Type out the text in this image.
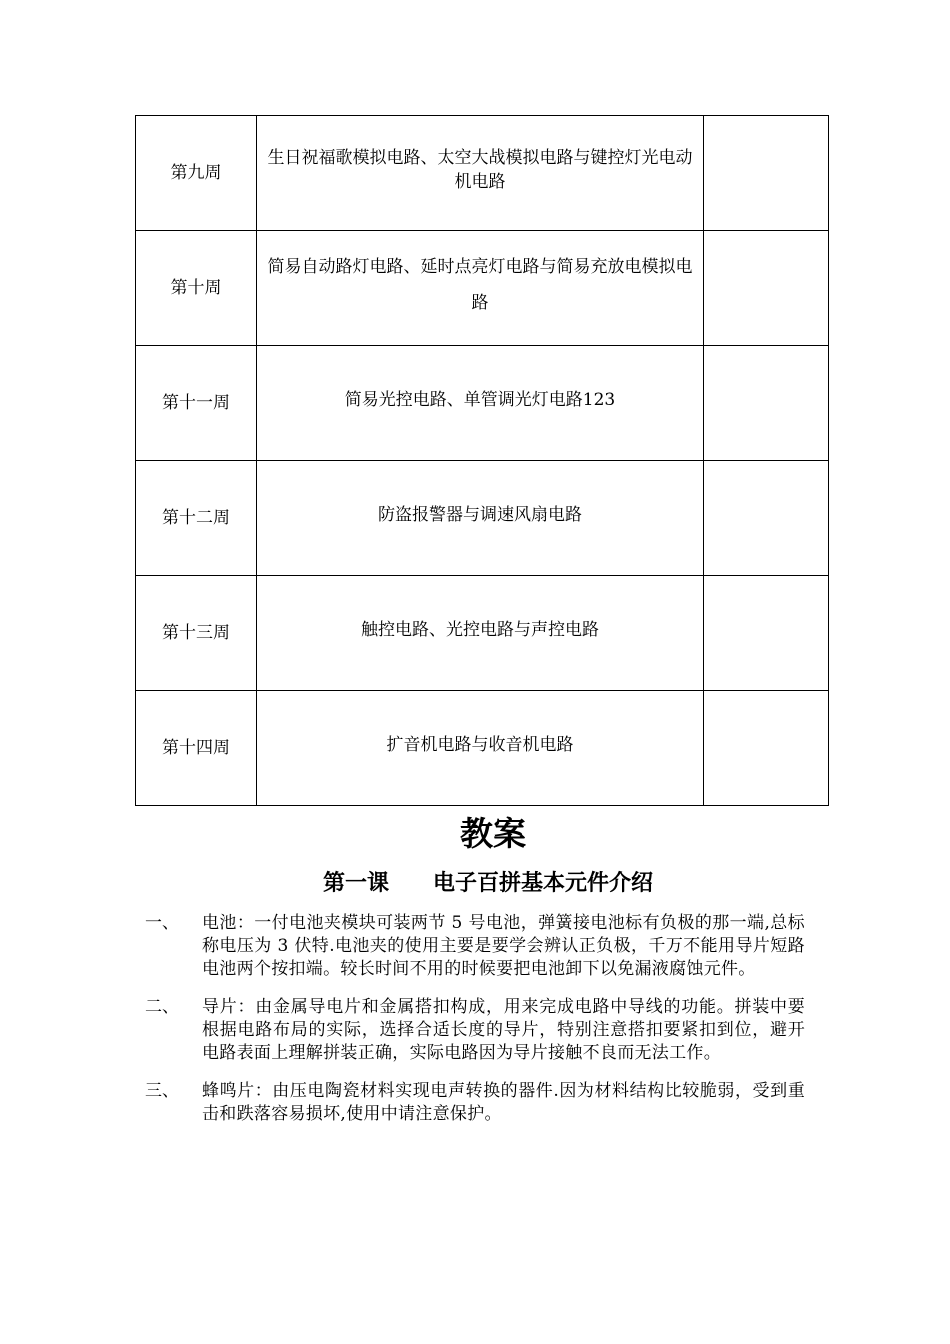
第九周	生日祝福歌模拟电路、太空大战模拟电路与键控灯光电动机电路	
第十周	简易自动路灯电路、延时点亮灯电路与简易充放电模拟电路	
第十一周	简易光控电路、单管调光灯电路123	
第十二周	防盗报警器与调速风扇电路	
第十三周	触控电路、光控电路与声控电路	
第十四周	扩音机电路与收音机电路	
教案
第一课 电子百拼基本元件介绍
一、 电池：一付电池夹模块可装两节 5 号电池，弹簧接电池标有负极的那一端,总标称电压为 3 伏特.电池夹的使用主要是要学会辨认正负极，千万不能用导片短路电池两个按扣端。较长时间不用的时候要把电池卸下以免漏液腐蚀元件。
二、 导片：由金属导电片和金属搭扣构成，用来完成电路中导线的功能。拼装中要根据电路布局的实际，选择合适长度的导片，特别注意搭扣要紧扣到位，避开电路表面上理解拼装正确，实际电路因为导片接触不良而无法工作。
三、 蜂鸣片：由压电陶瓷材料实现电声转换的器件.因为材料结构比较脆弱，受到重击和跌落容易损坏,使用中请注意保护。
